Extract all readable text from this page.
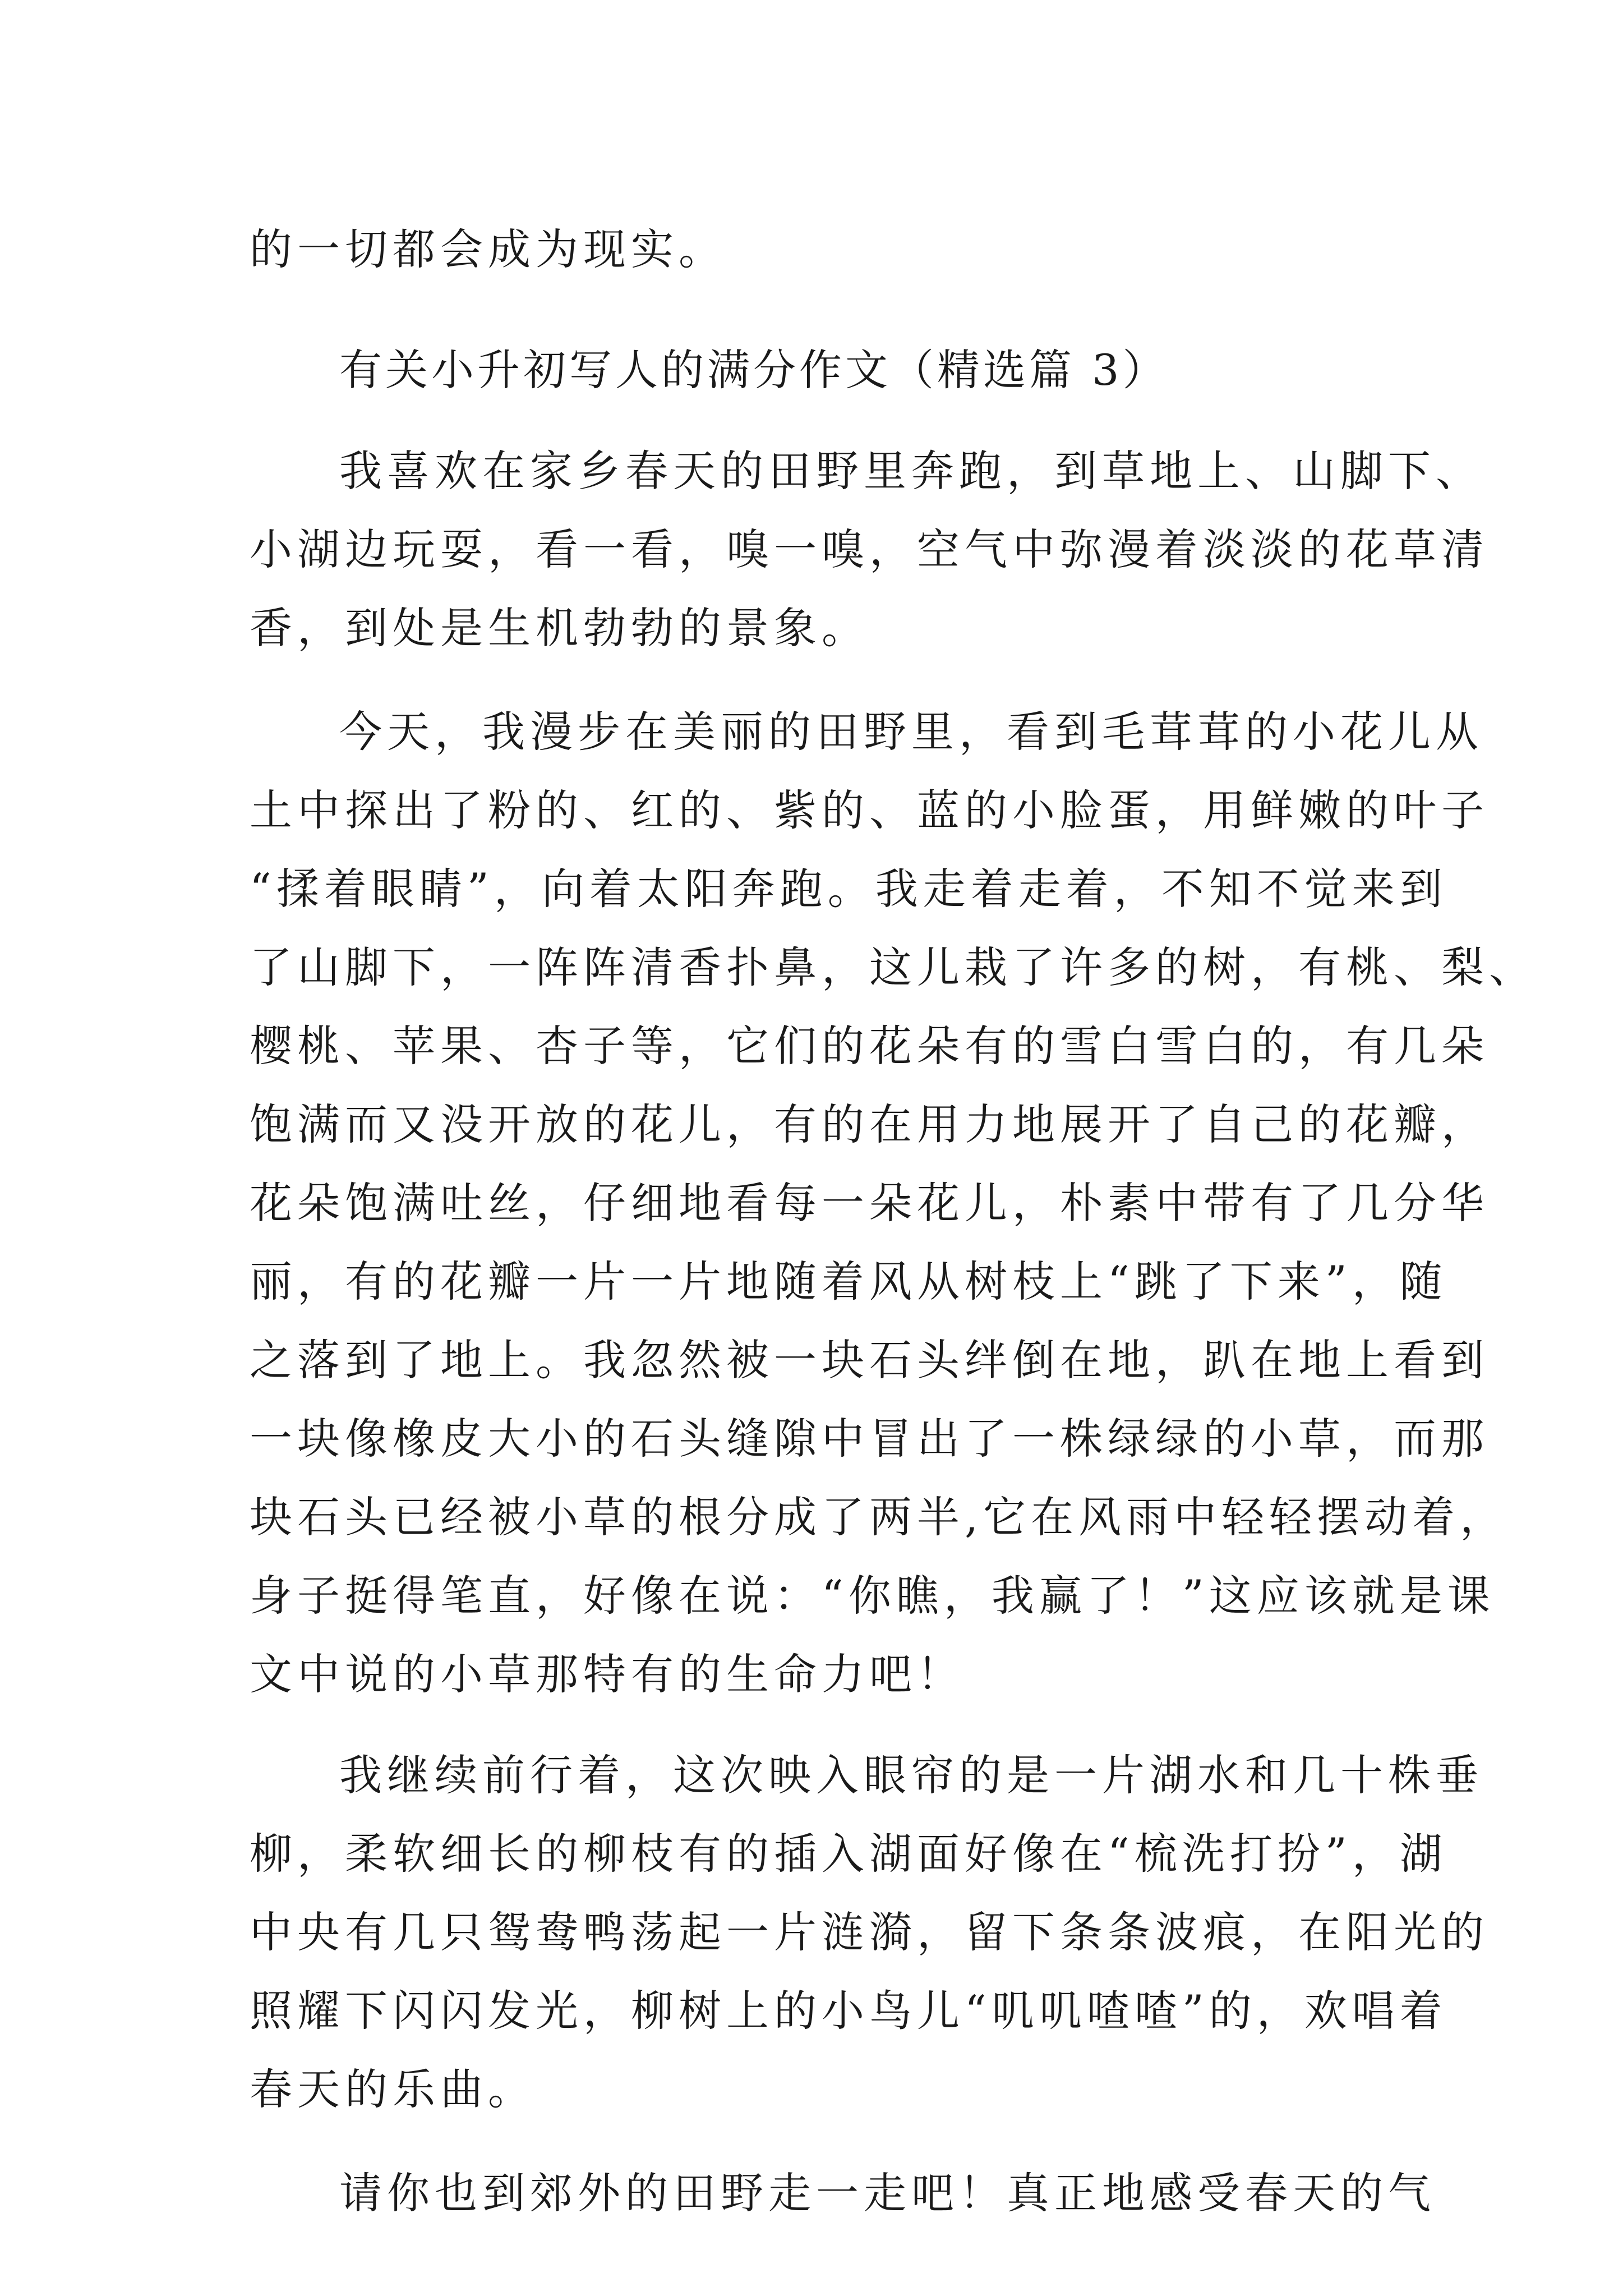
的一切都会成为现实。
有关小升初写人的满分作文（精选篇 3）
我喜欢在家乡春天的田野里奔跑，到草地上、山脚下、
小湖边玩耍，看一看，嗅一嗅，空气中弥漫着淡淡的花草清
香，到处是生机勃勃的景象。
今天，我漫步在美丽的田野里，看到毛茸茸的小花儿从
土中探出了粉的、红的、紫的、蓝的小脸蛋，用鲜嫩的叶子
“揉着眼睛”，向着太阳奔跑。我走着走着，不知不觉来到
了山脚下，一阵阵清香扑鼻，这儿栽了许多的树，有桃、梨、
樱桃、苹果、杏子等，它们的花朵有的雪白雪白的，有几朵
饱满而又没开放的花儿，有的在用力地展开了自己的花瓣，
花朵饱满吐丝，仔细地看每一朵花儿，朴素中带有了几分华
丽，有的花瓣一片一片地随着风从树枝上“跳了下来”，随
之落到了地上。我忽然被一块石头绊倒在地，趴在地上看到
一块像橡皮大小的石头缝隙中冒出了一株绿绿的小草，而那
块石头已经被小草的根分成了两半,它在风雨中轻轻摆动着，
身子挺得笔直，好像在说：“你瞧，我赢了！”这应该就是课
文中说的小草那特有的生命力吧！
我继续前行着，这次映入眼帘的是一片湖水和几十株垂
柳，柔软细长的柳枝有的插入湖面好像在“梳洗打扮”，湖
中央有几只鸳鸯鸭荡起一片涟漪，留下条条波痕，在阳光的
照耀下闪闪发光，柳树上的小鸟儿“叽叽喳喳”的，欢唱着
春天的乐曲。
请你也到郊外的田野走一走吧！真正地感受春天的气
